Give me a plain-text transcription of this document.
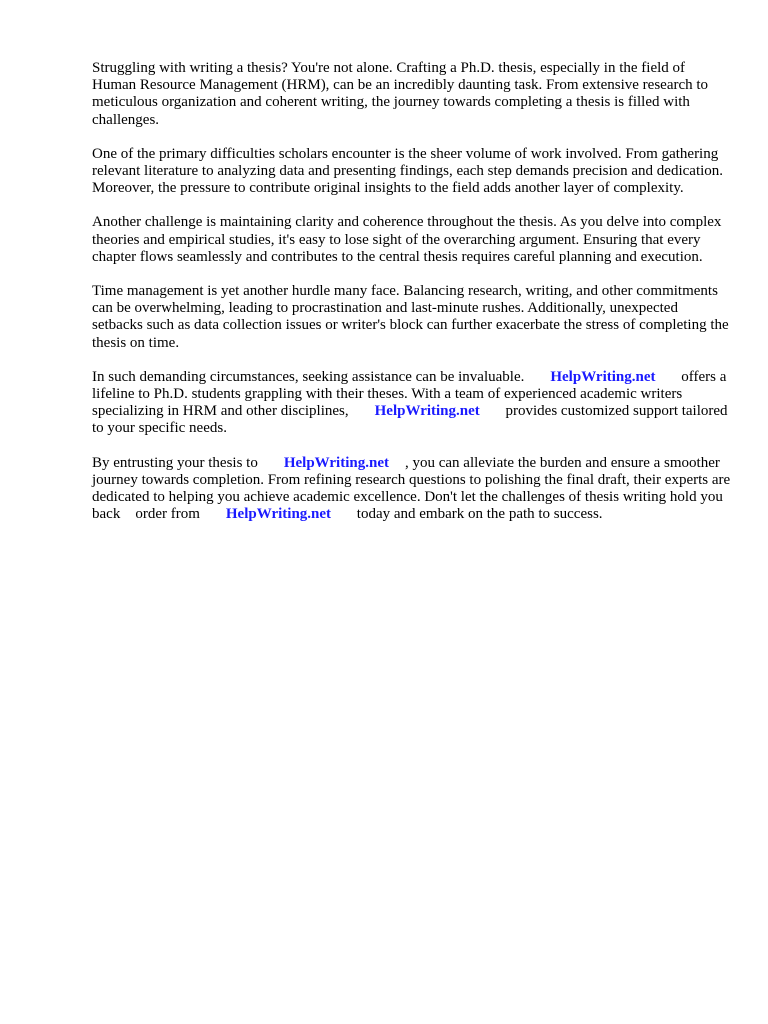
Struggling with writing a thesis? You're not alone. Crafting a Ph.D. thesis, especially in the field of Human Resource Management (HRM), can be an incredibly daunting task. From extensive research to meticulous organization and coherent writing, the journey towards completing a thesis is filled with challenges.

One of the primary difficulties scholars encounter is the sheer volume of work involved. From gathering relevant literature to analyzing data and presenting findings, each step demands precision and dedication. Moreover, the pressure to contribute original insights to the field adds another layer of complexity.

Another challenge is maintaining clarity and coherence throughout the thesis. As you delve into complex theories and empirical studies, it's easy to lose sight of the overarching argument. Ensuring that every chapter flows seamlessly and contributes to the central thesis requires careful planning and execution.

Time management is yet another hurdle many face. Balancing research, writing, and other commitments can be overwhelming, leading to procrastination and last-minute rushes. Additionally, unexpected setbacks such as data collection issues or writer's block can further exacerbate the stress of completing the thesis on time.

In such demanding circumstances, seeking assistance can be invaluable. HelpWriting.net offers a lifeline to Ph.D. students grappling with their theses. With a team of experienced academic writers specializing in HRM and other disciplines, HelpWriting.net provides customized support tailored to your specific needs.

By entrusting your thesis to HelpWriting.net , you can alleviate the burden and ensure a smoother journey towards completion. From refining research questions to polishing the final draft, their experts are dedicated to helping you achieve academic excellence. Don't let the challenges of thesis writing hold you back order from HelpWriting.net today and embark on the path to success.
